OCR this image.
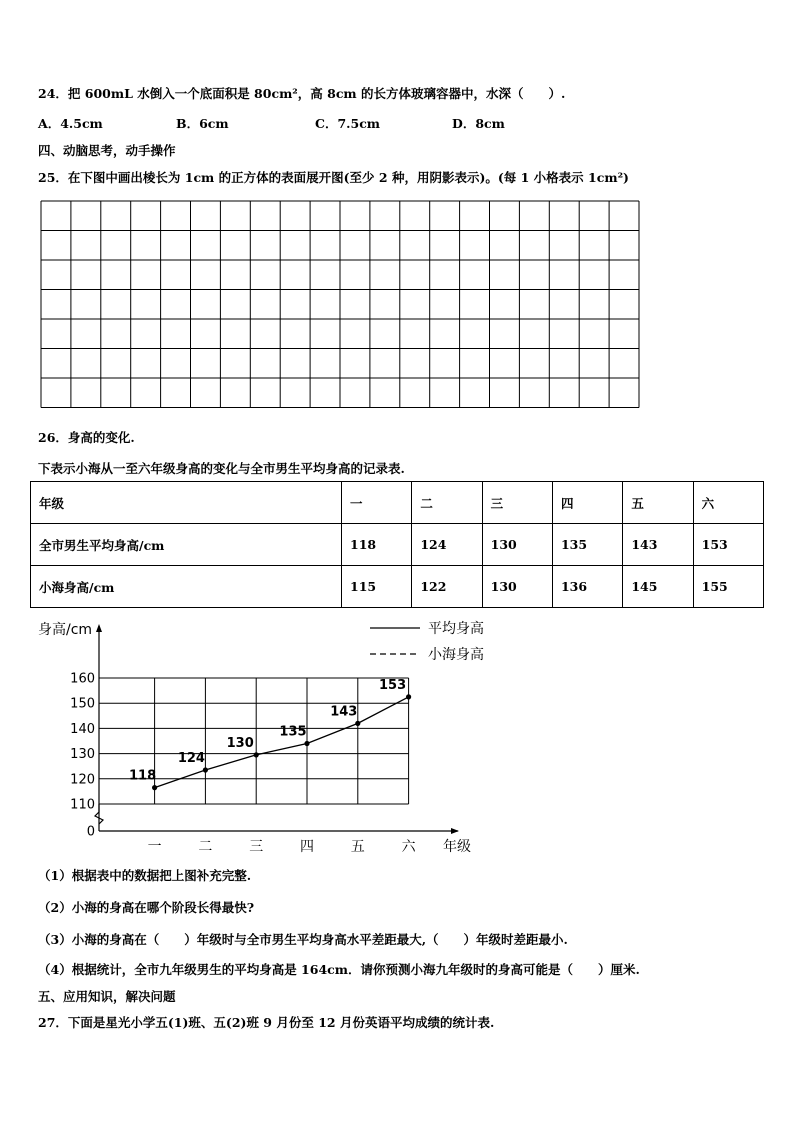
24．把 600mL 水倒入一个底面积是 80cm²，高 8cm 的长方体玻璃容器中，水深（　　）.
A．4.5cm	B．6cm	C．7.5cm	D．8cm
四、动脑思考，动手操作
25．在下图中画出棱长为 1cm 的正方体的表面展开图(至少 2 种，用阴影表示)。(每 1 小格表示 1cm²)
26．身高的变化.
下表示小海从一至六年级身高的变化与全市男生平均身高的记录表.
年级	一	二	三	四	五	六
全市男生平均身高/cm	118	124	130	135	143	153
小海身高/cm	115	122	130	136	145	155
0
110
120
130
140
150
160
一	二	三	四	五	六 年级
身高/cm	平均身高
小海身高
118
124
130
135
143
153
（1）根据表中的数据把上图补充完整.
（2）小海的身高在哪个阶段长得最快?
（3）小海的身高在（　　）年级时与全市男生平均身高水平差距最大,（　　）年级时差距最小.
（4）根据统计，全市九年级男生的平均身高是 164cm．请你预测小海九年级时的身高可能是（　　）厘米.
五、应用知识，解决问题
27．下面是星光小学五(1)班、五(2)班 9 月份至 12 月份英语平均成绩的统计表.
